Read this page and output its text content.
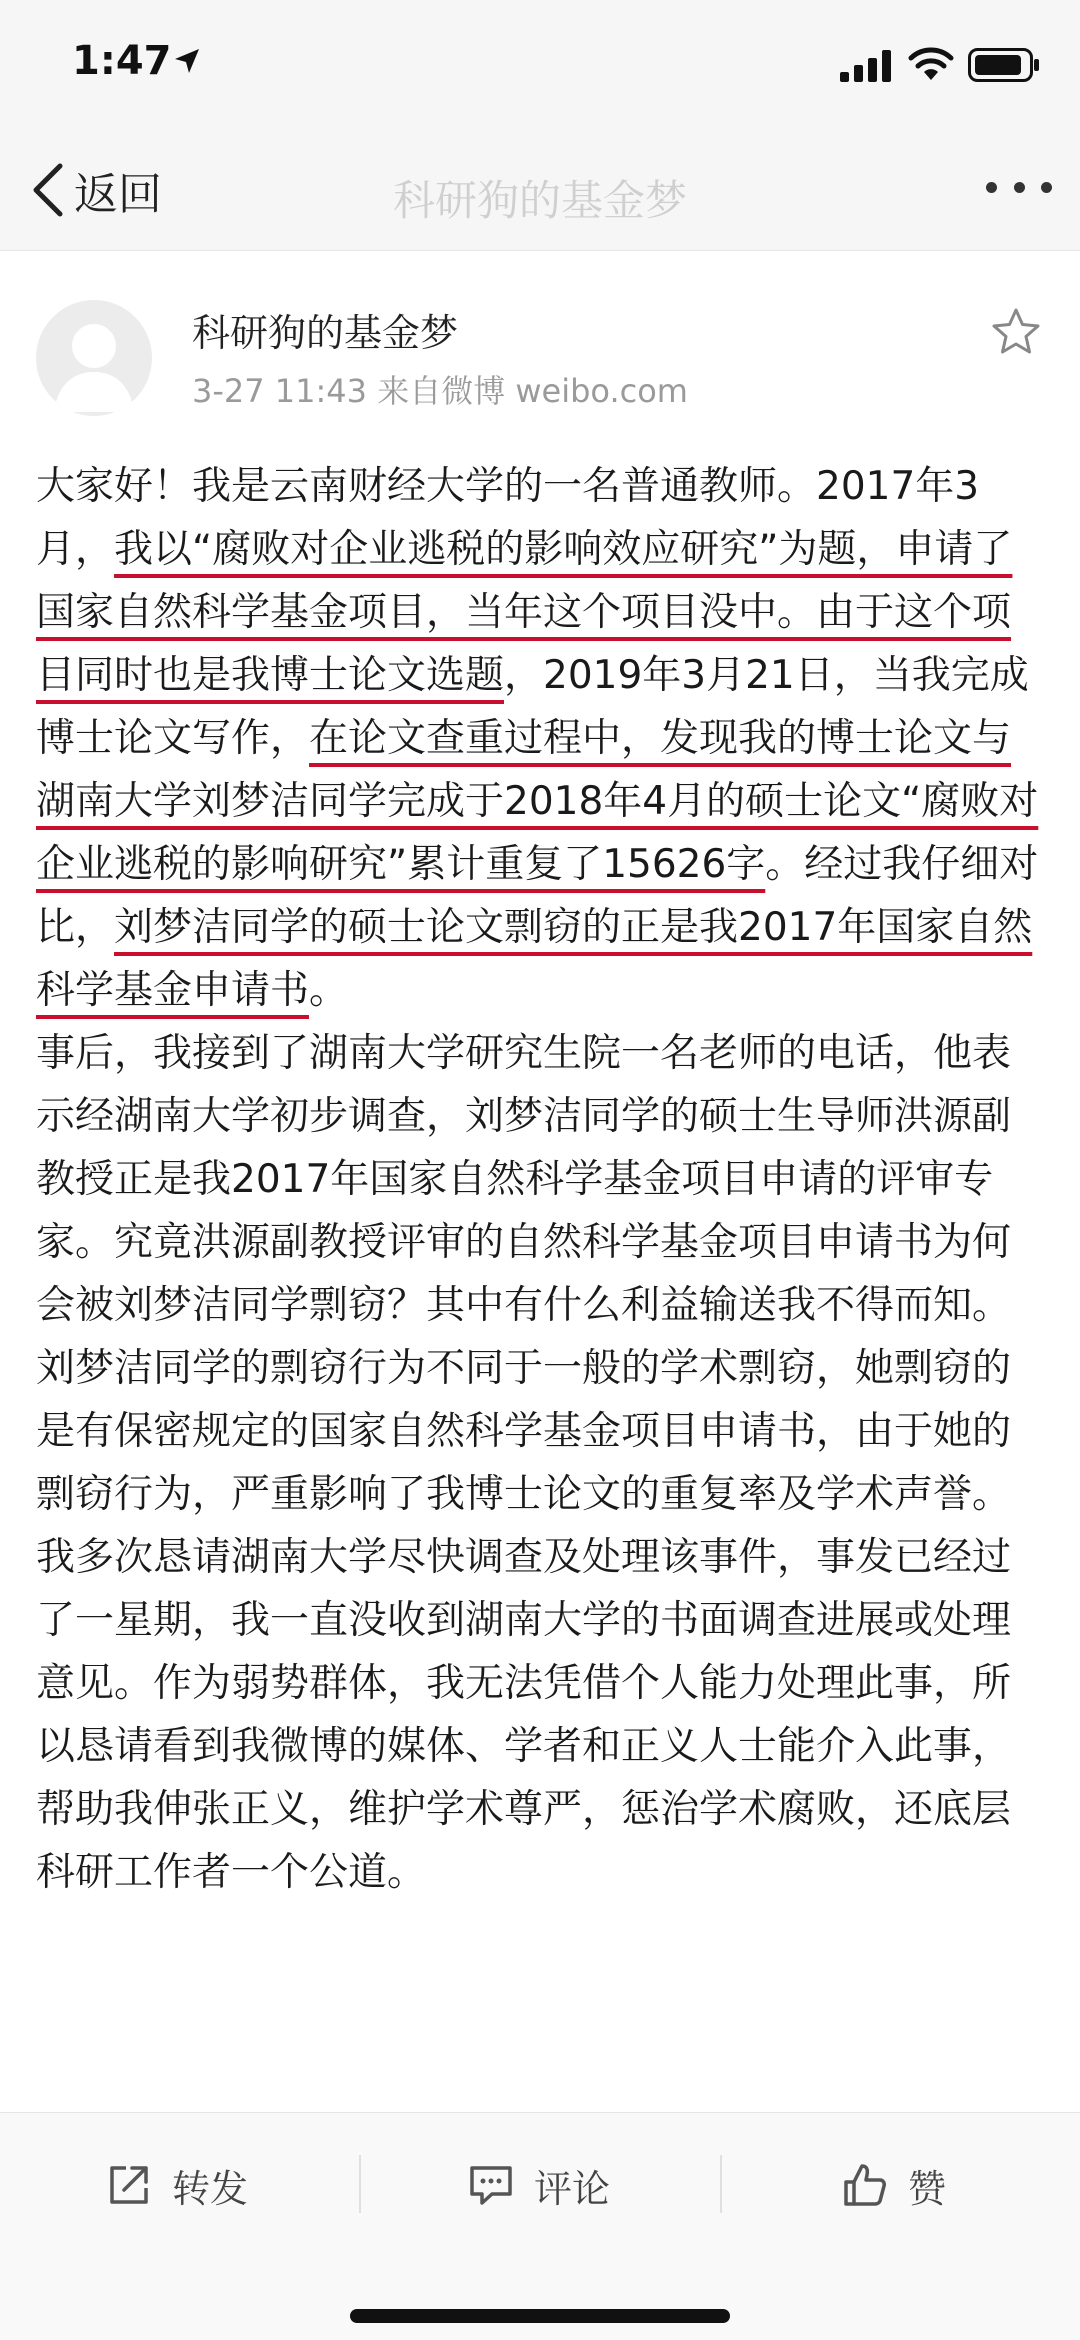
1:47
返回	科研狗的基金梦
科研狗的基金梦
3-27 11:43 来自微博 weibo.com

大家好！我是云南财经大学的一名普通教师。2017年3月，我以“腐败对企业逃税的影响效应研究”为题，申请了国家自然科学基金项目，当年这个项目没中。由于这个项目同时也是我博士论文选题，2019年3月21日，当我完成博士论文写作，在论文查重过程中，发现我的博士论文与湖南大学刘梦洁同学完成于2018年4月的硕士论文“腐败对企业逃税的影响研究”累计重复了15626字。经过我仔细对比，刘梦洁同学的硕士论文剽窃的正是我2017年国家自然科学基金申请书。

事后，我接到了湖南大学研究生院一名老师的电话，他表示经湖南大学初步调查，刘梦洁同学的硕士生导师洪源副教授正是我2017年国家自然科学基金项目申请的评审专家。究竟洪源副教授评审的自然科学基金项目申请书为何会被刘梦洁同学剽窃？其中有什么利益输送我不得而知。刘梦洁同学的剽窃行为不同于一般的学术剽窃，她剽窃的是有保密规定的国家自然科学基金项目申请书，由于她的剽窃行为，严重影响了我博士论文的重复率及学术声誉。我多次恳请湖南大学尽快调查及处理该事件，事发已经过了一星期，我一直没收到湖南大学的书面调查进展或处理意见。作为弱势群体，我无法凭借个人能力处理此事，所以恳请看到我微博的媒体、学者和正义人士能介入此事，帮助我伸张正义，维护学术尊严，惩治学术腐败，还底层科研工作者一个公道。

转发	评论	赞
